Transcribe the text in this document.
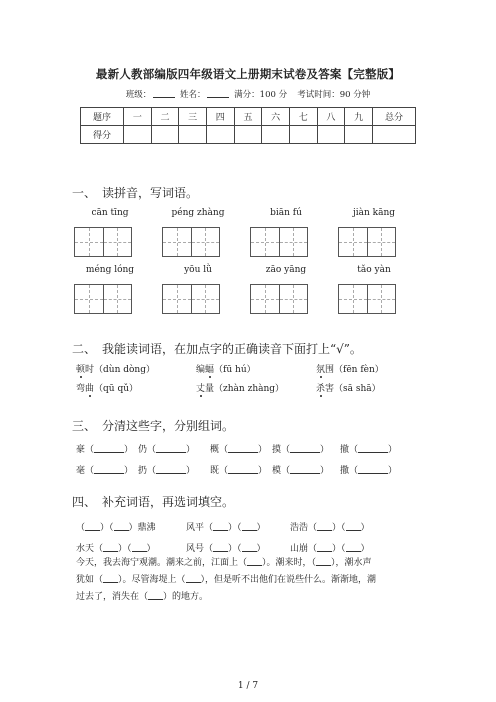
最新人教部编版四年级语文上册期末试卷及答案【完整版】
班级：	姓名：	满分：100 分 考试时间：90 分钟
题序	一	二	三	四	五	六	七	八	九	总分
得分										
一、 读拼音，写词语。
cān tīng	péng zhàng	biān fú	jiàn kāng
méng lóng	yōu lǜ	zāo yāng	tǎo yàn
二、 我能读词语，在加点字的正确读音下面打上“√”。
顿时（dùn dòng）	编蝠（fū hú）	氛围（fēn fèn）
弯曲（qū qǔ）	丈量（zhàn zhàng）	杀害（sā shā）
三、 分清这些字，分别组词。
豪（	） 仍（	） 概（	） 摸（	） 撤（	）
毫（	） 扔（	） 既（	） 模（	） 撒（	）
四、 补充词语，再选词填空。
（ ）（ ）鼎沸	风平（ ）（ ）	浩浩（ ）（ ）
水天（ ）（ ）	风号（ ）（ ）	山崩（ ）（ ）
今天，我去海宁观潮。潮来之前，江面上（ ）。潮来时，（ ），潮水声
犹如（ ）。尽管海堤上（ ），但是听不出他们在说些什么。渐渐地，潮
过去了，消失在（ ）的地方。
1 / 7
